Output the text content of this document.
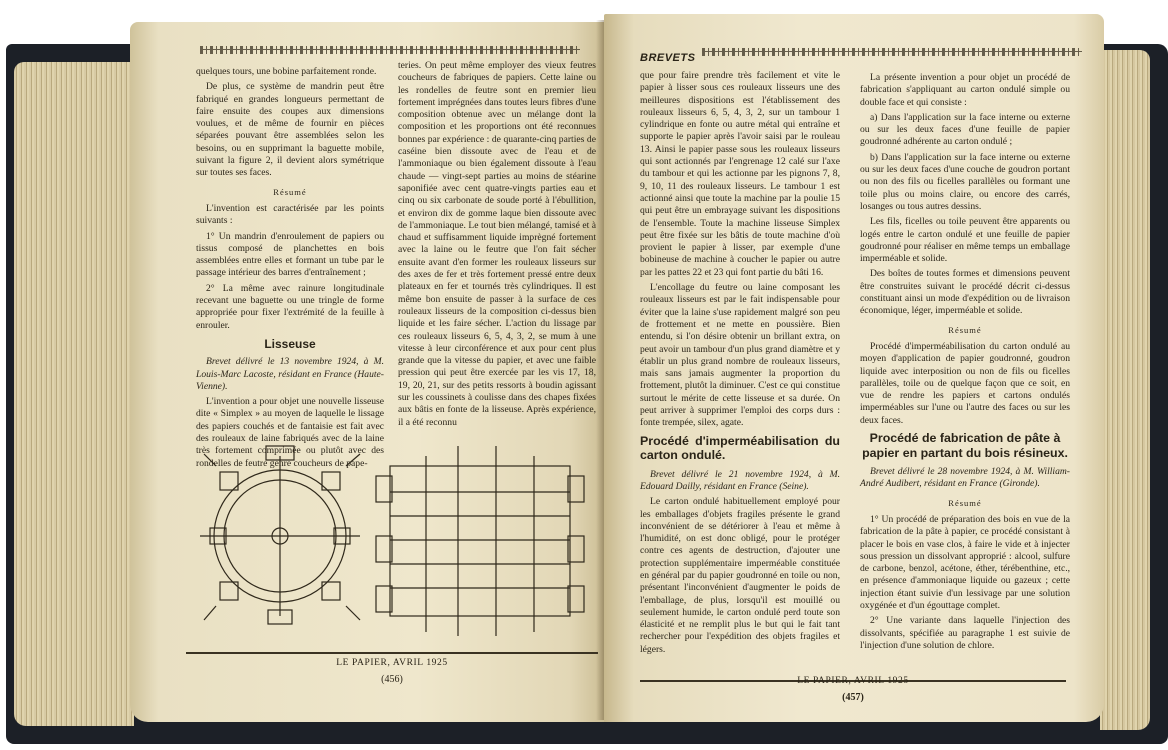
quelques tours, une bobine parfaitement ronde.

De plus, ce système de mandrin peut être fabriqué en grandes longueurs permettant de faire ensuite des coupes aux dimensions voulues, et de même de fournir en pièces séparées pouvant être assemblées selon les besoins, ou en supprimant la baguette mobile, suivant la figure 2, il devient alors symétrique sur toutes ses faces.

Résumé

L'invention est caractérisée par les points suivants :

1° Un mandrin d'enroulement de papiers ou tissus composé de planchettes en bois assemblées entre elles et formant un tube par le passage intérieur des barres d'entraînement ;

2° La même avec rainure longitudinale recevant une baguette ou une tringle de forme appropriée pour fixer l'extrémité de la feuille à enrouler.

Lisseuse

Brevet délivré le 13 novembre 1924, à M. Louis-Marc Lacoste, résidant en France (Haute-Vienne).

L'invention a pour objet une nouvelle lisseuse dite « Simplex » au moyen de laquelle le lissage des papiers couchés et de fantaisie est fait avec des rouleaux de laine fabriqués avec de la laine très fortement comprimée ou plutôt avec des rondelles de feutre genre coucheurs de pape-

teries. On peut même employer des vieux feutres coucheurs de fabriques de papiers. Cette laine ou les rondelles de feutre sont en premier lieu fortement imprégnées dans toutes leurs fibres d'une composition obtenue avec un mélange dont la composition et les proportions ont été reconnues bonnes par expérience : de quarante-cinq parties de caséine bien dissoute avec de l'eau et de l'ammoniaque ou bien également dissoute à l'eau chaude — vingt-sept parties au moins de stéarine saponifiée avec cent quatre-vingts parties eau et cinq ou six carbonate de soude porté à l'ébullition, et environ dix de gomme laque bien dissoute avec de l'ammoniaque. Le tout bien mélangé, tamisé et à chaud et suffisamment liquide imprègné fortement avec la laine ou le feutre que l'on fait sécher ensuite avant d'en former les rouleaux lisseurs sur des axes de fer et très fortement pressé entre deux plateaux en fer et tournés très cylindriques. Il est même bon ensuite de passer à la surface de ces rouleaux lisseurs de la composition ci-dessus bien liquide et les faire sécher. L'action du lissage par ces rouleaux lisseurs 6, 5, 4, 3, 2, se mum à une vitesse à leur circonférence et aux pour cent plus grande que la vitesse du papier, et avec une faible pression qui peut être exercée par les vis 17, 18, 19, 20, 21, sur des petits ressorts à boudin agissant sur les coussinets à coulisse dans des chapes fixées aux bâtis en fonte de la lisseuse. Après expérience, il a été reconnu

LE PAPIER, AVRIL 1925
(456)
BREVETS

que pour faire prendre très facilement et vite le papier à lisser sous ces rouleaux lisseurs une des meilleures dispositions est l'établissement des rouleaux lisseurs 6, 5, 4, 3, 2, sur un tambour 1 cylindrique en fonte ou autre métal qui entraîne et supporte le papier après l'avoir saisi par le rouleau 13. Ainsi le papier passe sous les rouleaux lisseurs qui sont actionnés par l'engrenage 12 calé sur l'axe du tambour et qui les actionne par les pignons 7, 8, 9, 10, 11 des rouleaux lisseurs. Le tambour 1 est actionné ainsi que toute la machine par la poulie 15 qui peut être un embrayage suivant les dispositions de l'ensemble. Toute la machine lisseuse Simplex peut être fixée sur les bâtis de toute machine d'où provient le papier à lisser, par exemple d'une bobineuse de machine à coucher le papier ou autre par les pattes 22 et 23 qui font partie du bâti 16.

L'encollage du feutre ou laine composant les rouleaux lisseurs est par le fait indispensable pour éviter que la laine s'use rapidement malgré son peu de frottement et ne mette en poussière. Bien entendu, si l'on désire obtenir un brillant extra, on peut avoir un tambour d'un plus grand diamètre et y établir un plus grand nombre de rouleaux lisseurs, mais sans jamais augmenter la proportion du frottement, plutôt la diminuer. C'est ce qui constitue surtout le mérite de cette lisseuse et sa durée. On peut arriver à supprimer l'emploi des corps durs : fonte trempée, silex, agate.

Procédé d'imperméabilisation du carton ondulé.

Brevet délivré le 21 novembre 1924, à M. Edouard Dailly, résidant en France (Seine).

Le carton ondulé habituellement employé pour les emballages d'objets fragiles présente le grand inconvénient de se détériorer à l'eau et même à l'humidité, on est donc obligé, pour le protéger contre ces agents de destruction, d'ajouter une protection supplémentaire imperméable constituée en général par du papier goudronné en toile ou non, présentant l'inconvénient d'augmenter le poids de l'emballage, de plus, lorsqu'il est mouillé ou seulement humide, le carton ondulé perd toute son élasticité et ne remplit plus le but qui le fait tant rechercher pour l'expédition des objets fragiles et légers.

La présente invention a pour objet un procédé de fabrication s'appliquant au carton ondulé simple ou double face et qui consiste :

a) Dans l'application sur la face interne ou externe ou sur les deux faces d'une feuille de papier goudronné adhérente au carton ondulé ;

b) Dans l'application sur la face interne ou externe ou sur les deux faces d'une couche de goudron portant ou non des fils ou ficelles parallèles ou formant une toile plus ou moins claire, ou encore des carrés, losanges ou tous autres dessins.

Les fils, ficelles ou toile peuvent être apparents ou logés entre le carton ondulé et une feuille de papier goudronné pour réaliser en même temps un emballage imperméable et solide.

Des boîtes de toutes formes et dimensions peuvent être construites suivant le procédé décrit ci-dessus constituant ainsi un mode d'expédition ou de livraison économique, léger, imperméable et solide.

Résumé

Procédé d'imperméabilisation du carton ondulé au moyen d'application de papier goudronné, goudron liquide avec interposition ou non de fils ou ficelles parallèles, toile ou de quelque façon que ce soit, en vue de rendre les papiers et cartons ondulés imperméables sur l'une ou l'autre des faces ou sur les deux faces.

Procédé de fabrication de pâte à papier en partant du bois résineux.

Brevet délivré le 28 novembre 1924, à M. William-André Audibert, résidant en France (Gironde).

Résumé

1° Un procédé de préparation des bois en vue de la fabrication de la pâte à papier, ce procédé consistant à placer le bois en vase clos, à faire le vide et à injecter sous pression un dissolvant approprié : alcool, sulfure de carbone, benzol, acétone, éther, térébenthine, etc., en présence d'ammoniaque liquide ou gazeux ; cette injection étant suivie d'un lessivage par une solution oxygénée et d'un égouttage complet.

2° Une variante dans laquelle l'injection des dissolvants, spécifiée au paragraphe 1 est suivie de l'injection d'une solution de chlore.

LE PAPIER, AVRIL 1925
(457)
